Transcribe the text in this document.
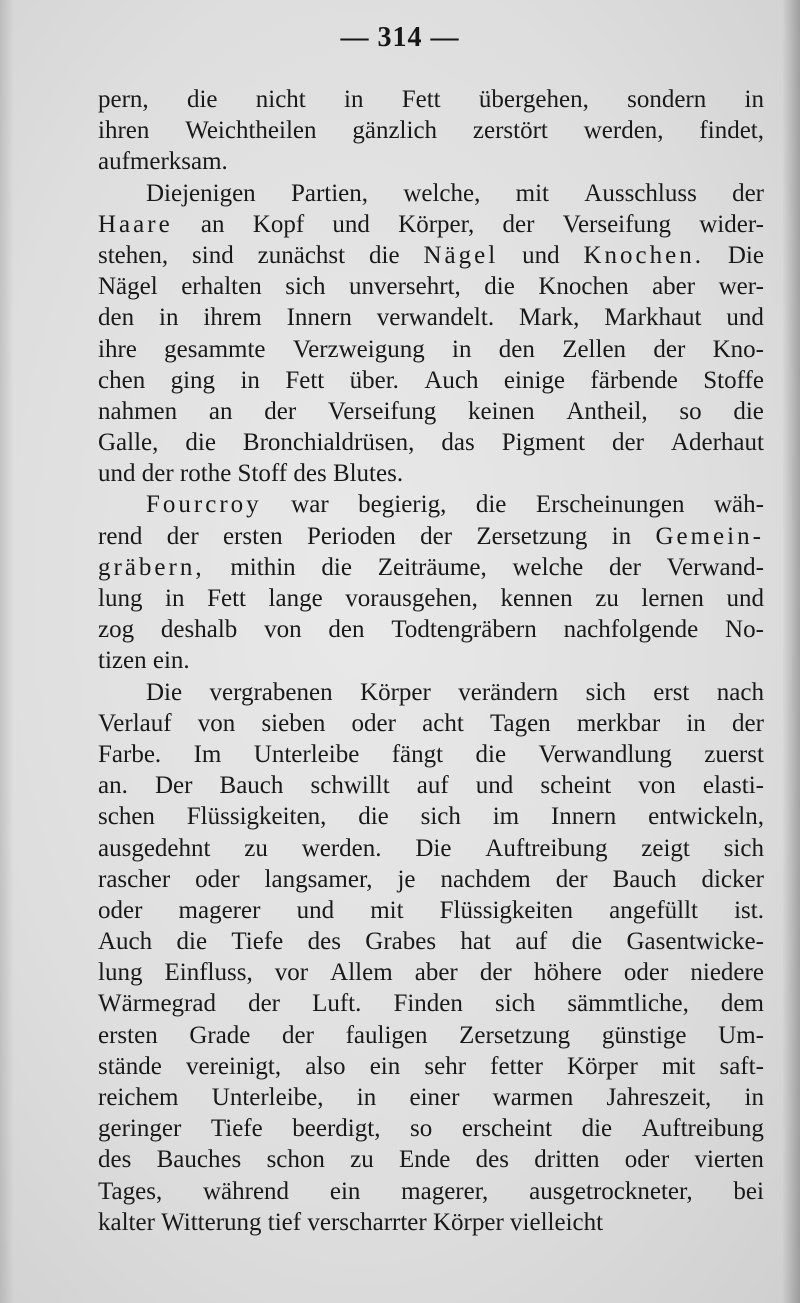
— 314 —
pern, die nicht in Fett übergehen, sondern in
ihren Weichtheilen gänzlich zerstört werden, findet,
aufmerksam.
Diejenigen Partien, welche, mit Ausschluss der
Haare an Kopf und Körper, der Verseifung wider-
stehen, sind zunächst die Nägel und Knochen. Die
Nägel erhalten sich unversehrt, die Knochen aber wer-
den in ihrem Innern verwandelt. Mark, Markhaut und
ihre gesammte Verzweigung in den Zellen der Kno-
chen ging in Fett über. Auch einige färbende Stoffe
nahmen an der Verseifung keinen Antheil, so die
Galle, die Bronchialdrüsen, das Pigment der Aderhaut
und der rothe Stoff des Blutes.
Fourcroy war begierig, die Erscheinungen wäh-
rend der ersten Perioden der Zersetzung in Gemein-
gräbern, mithin die Zeiträume, welche der Verwand-
lung in Fett lange vorausgehen, kennen zu lernen und
zog deshalb von den Todtengräbern nachfolgende No-
tizen ein.
Die vergrabenen Körper verändern sich erst nach
Verlauf von sieben oder acht Tagen merkbar in der
Farbe. Im Unterleibe fängt die Verwandlung zuerst
an. Der Bauch schwillt auf und scheint von elasti-
schen Flüssigkeiten, die sich im Innern entwickeln,
ausgedehnt zu werden. Die Auftreibung zeigt sich
rascher oder langsamer, je nachdem der Bauch dicker
oder magerer und mit Flüssigkeiten angefüllt ist.
Auch die Tiefe des Grabes hat auf die Gasentwicke-
lung Einfluss, vor Allem aber der höhere oder niedere
Wärmegrad der Luft. Finden sich sämmtliche, dem
ersten Grade der fauligen Zersetzung günstige Um-
stände vereinigt, also ein sehr fetter Körper mit saft-
reichem Unterleibe, in einer warmen Jahreszeit, in
geringer Tiefe beerdigt, so erscheint die Auftreibung
des Bauches schon zu Ende des dritten oder vierten
Tages, während ein magerer, ausgetrockneter, bei
kalter Witterung tief verscharrter Körper vielleicht
